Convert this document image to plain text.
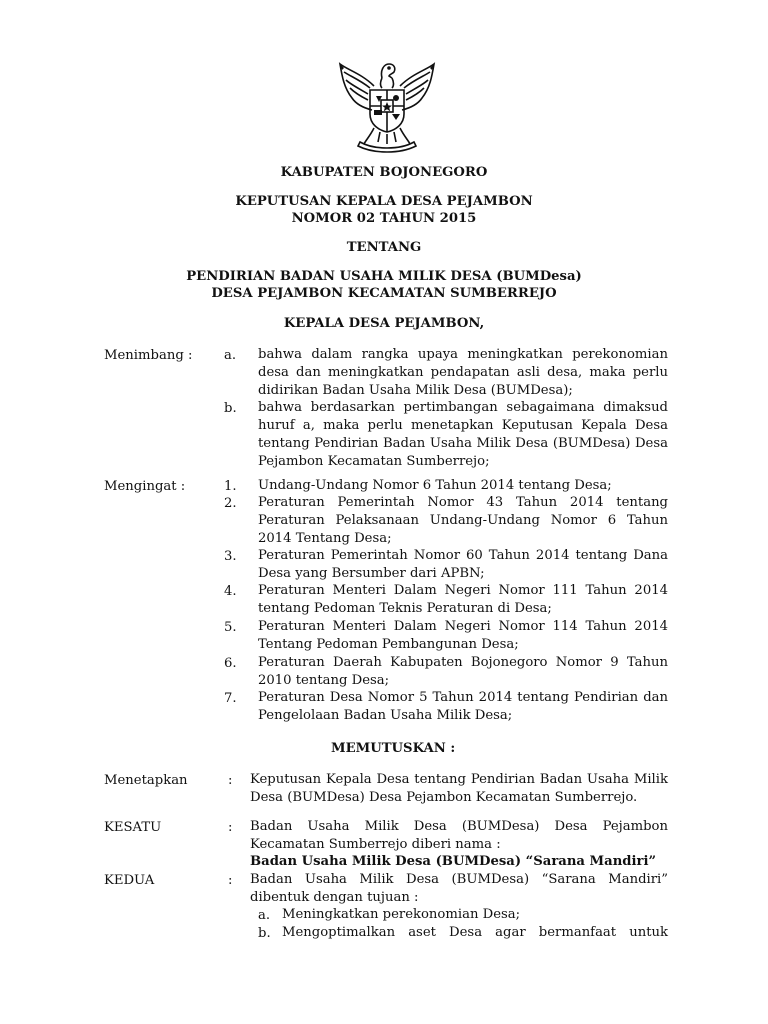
KABUPATEN BOJONEGORO
KEPUTUSAN KEPALA DESA PEJAMBON
NOMOR 02 TAHUN 2015
TENTANG
PENDIRIAN BADAN USAHA MILIK DESA (BUMDesa)
DESA PEJAMBON KECAMATAN SUMBERREJO
KEPALA DESA PEJAMBON,
Menimbang : a. bahwa dalam rangka upaya meningkatkan perekonomian desa dan meningkatkan pendapatan asli desa, maka perlu didirikan Badan Usaha Milik Desa (BUMDesa);
b. bahwa berdasarkan pertimbangan sebagaimana dimaksud huruf a, maka perlu menetapkan Keputusan Kepala Desa tentang Pendirian Badan Usaha Milik Desa (BUMDesa) Desa Pejambon Kecamatan Sumberrejo;
Mengingat :	1. Undang-Undang Nomor 6 Tahun 2014 tentang Desa;
2. Peraturan Pemerintah Nomor 43 Tahun 2014 tentang Peraturan Pelaksanaan Undang-Undang Nomor 6 Tahun 2014 Tentang Desa;
3. Peraturan Pemerintah Nomor 60 Tahun 2014 tentang Dana Desa yang Bersumber dari APBN;
4. Peraturan Menteri Dalam Negeri Nomor 111 Tahun 2014 tentang Pedoman Teknis Peraturan di Desa;
5. Peraturan Menteri Dalam Negeri Nomor 114 Tahun 2014 Tentang Pedoman Pembangunan Desa;
6. Peraturan Daerah Kabupaten Bojonegoro Nomor 9 Tahun 2010 tentang Desa;
7. Peraturan Desa Nomor 5 Tahun 2014 tentang Pendirian dan Pengelolaan Badan Usaha Milik Desa;
MEMUTUSKAN :
Menetapkan	: Keputusan Kepala Desa tentang Pendirian Badan Usaha Milik Desa (BUMDesa) Desa Pejambon Kecamatan Sumberrejo.
KESATU	: Badan Usaha Milik Desa (BUMDesa) Desa Pejambon Kecamatan Sumberrejo diberi nama :
Badan Usaha Milik Desa (BUMDesa) “Sarana Mandiri”
KEDUA	: Badan Usaha Milik Desa (BUMDesa) “Sarana Mandiri” dibentuk dengan tujuan :
a. Meningkatkan perekonomian Desa;
b. Mengoptimalkan aset Desa agar bermanfaat untuk
